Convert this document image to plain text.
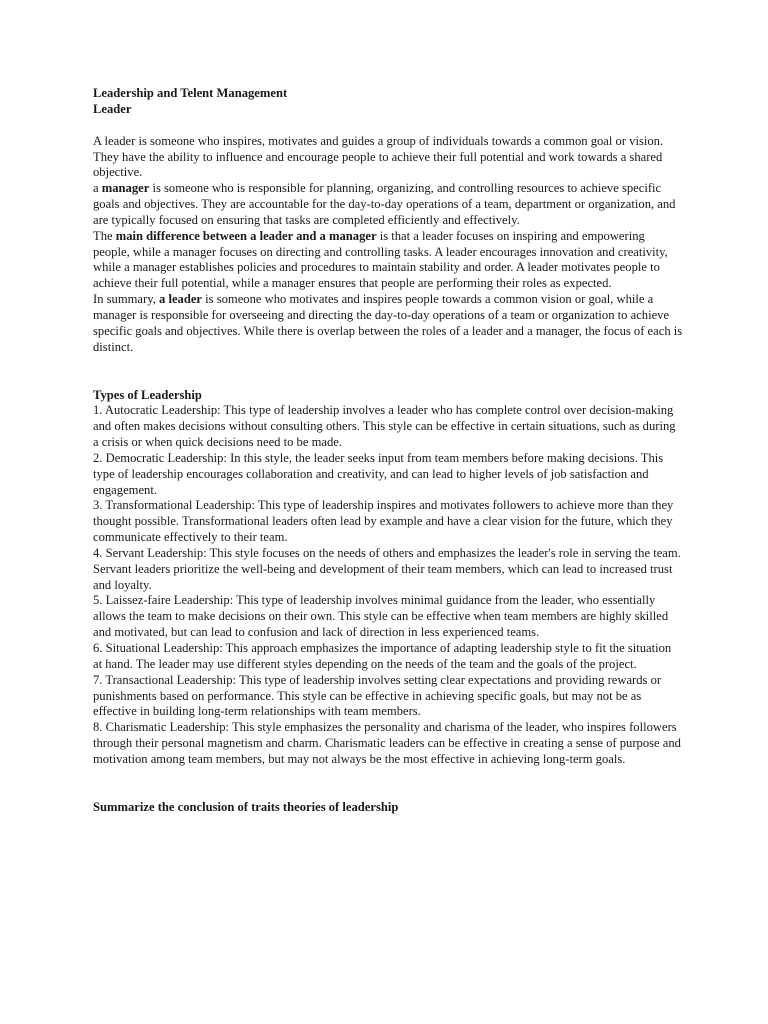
Leadership and Telent Management

Leader

A leader is someone who inspires, motivates and guides a group of individuals towards a common goal or vision. They have the ability to influence and encourage people to achieve their full potential and work towards a shared objective.

a manager is someone who is responsible for planning, organizing, and controlling resources to achieve specific goals and objectives. They are accountable for the day-to-day operations of a team, department or organization, and are typically focused on ensuring that tasks are completed efficiently and effectively.

The main difference between a leader and a manager is that a leader focuses on inspiring and empowering people, while a manager focuses on directing and controlling tasks. A leader encourages innovation and creativity, while a manager establishes policies and procedures to maintain stability and order. A leader motivates people to achieve their full potential, while a manager ensures that people are performing their roles as expected.

In summary, a leader is someone who motivates and inspires people towards a common vision or goal, while a manager is responsible for overseeing and directing the day-to-day operations of a team or organization to achieve specific goals and objectives. While there is overlap between the roles of a leader and a manager, the focus of each is distinct.

Types of Leadership

1. Autocratic Leadership: This type of leadership involves a leader who has complete control over decision-making and often makes decisions without consulting others. This style can be effective in certain situations, such as during a crisis or when quick decisions need to be made.

2. Democratic Leadership: In this style, the leader seeks input from team members before making decisions. This type of leadership encourages collaboration and creativity, and can lead to higher levels of job satisfaction and engagement.

3. Transformational Leadership: This type of leadership inspires and motivates followers to achieve more than they thought possible. Transformational leaders often lead by example and have a clear vision for the future, which they communicate effectively to their team.

4. Servant Leadership: This style focuses on the needs of others and emphasizes the leader's role in serving the team. Servant leaders prioritize the well-being and development of their team members, which can lead to increased trust and loyalty.

5. Laissez-faire Leadership: This type of leadership involves minimal guidance from the leader, who essentially allows the team to make decisions on their own. This style can be effective when team members are highly skilled and motivated, but can lead to confusion and lack of direction in less experienced teams.

6. Situational Leadership: This approach emphasizes the importance of adapting leadership style to fit the situation at hand. The leader may use different styles depending on the needs of the team and the goals of the project.

7. Transactional Leadership: This type of leadership involves setting clear expectations and providing rewards or punishments based on performance. This style can be effective in achieving specific goals, but may not be as effective in building long-term relationships with team members.

8. Charismatic Leadership: This style emphasizes the personality and charisma of the leader, who inspires followers through their personal magnetism and charm. Charismatic leaders can be effective in creating a sense of purpose and motivation among team members, but may not always be the most effective in achieving long-term goals.

Summarize the conclusion of traits theories of leadership
